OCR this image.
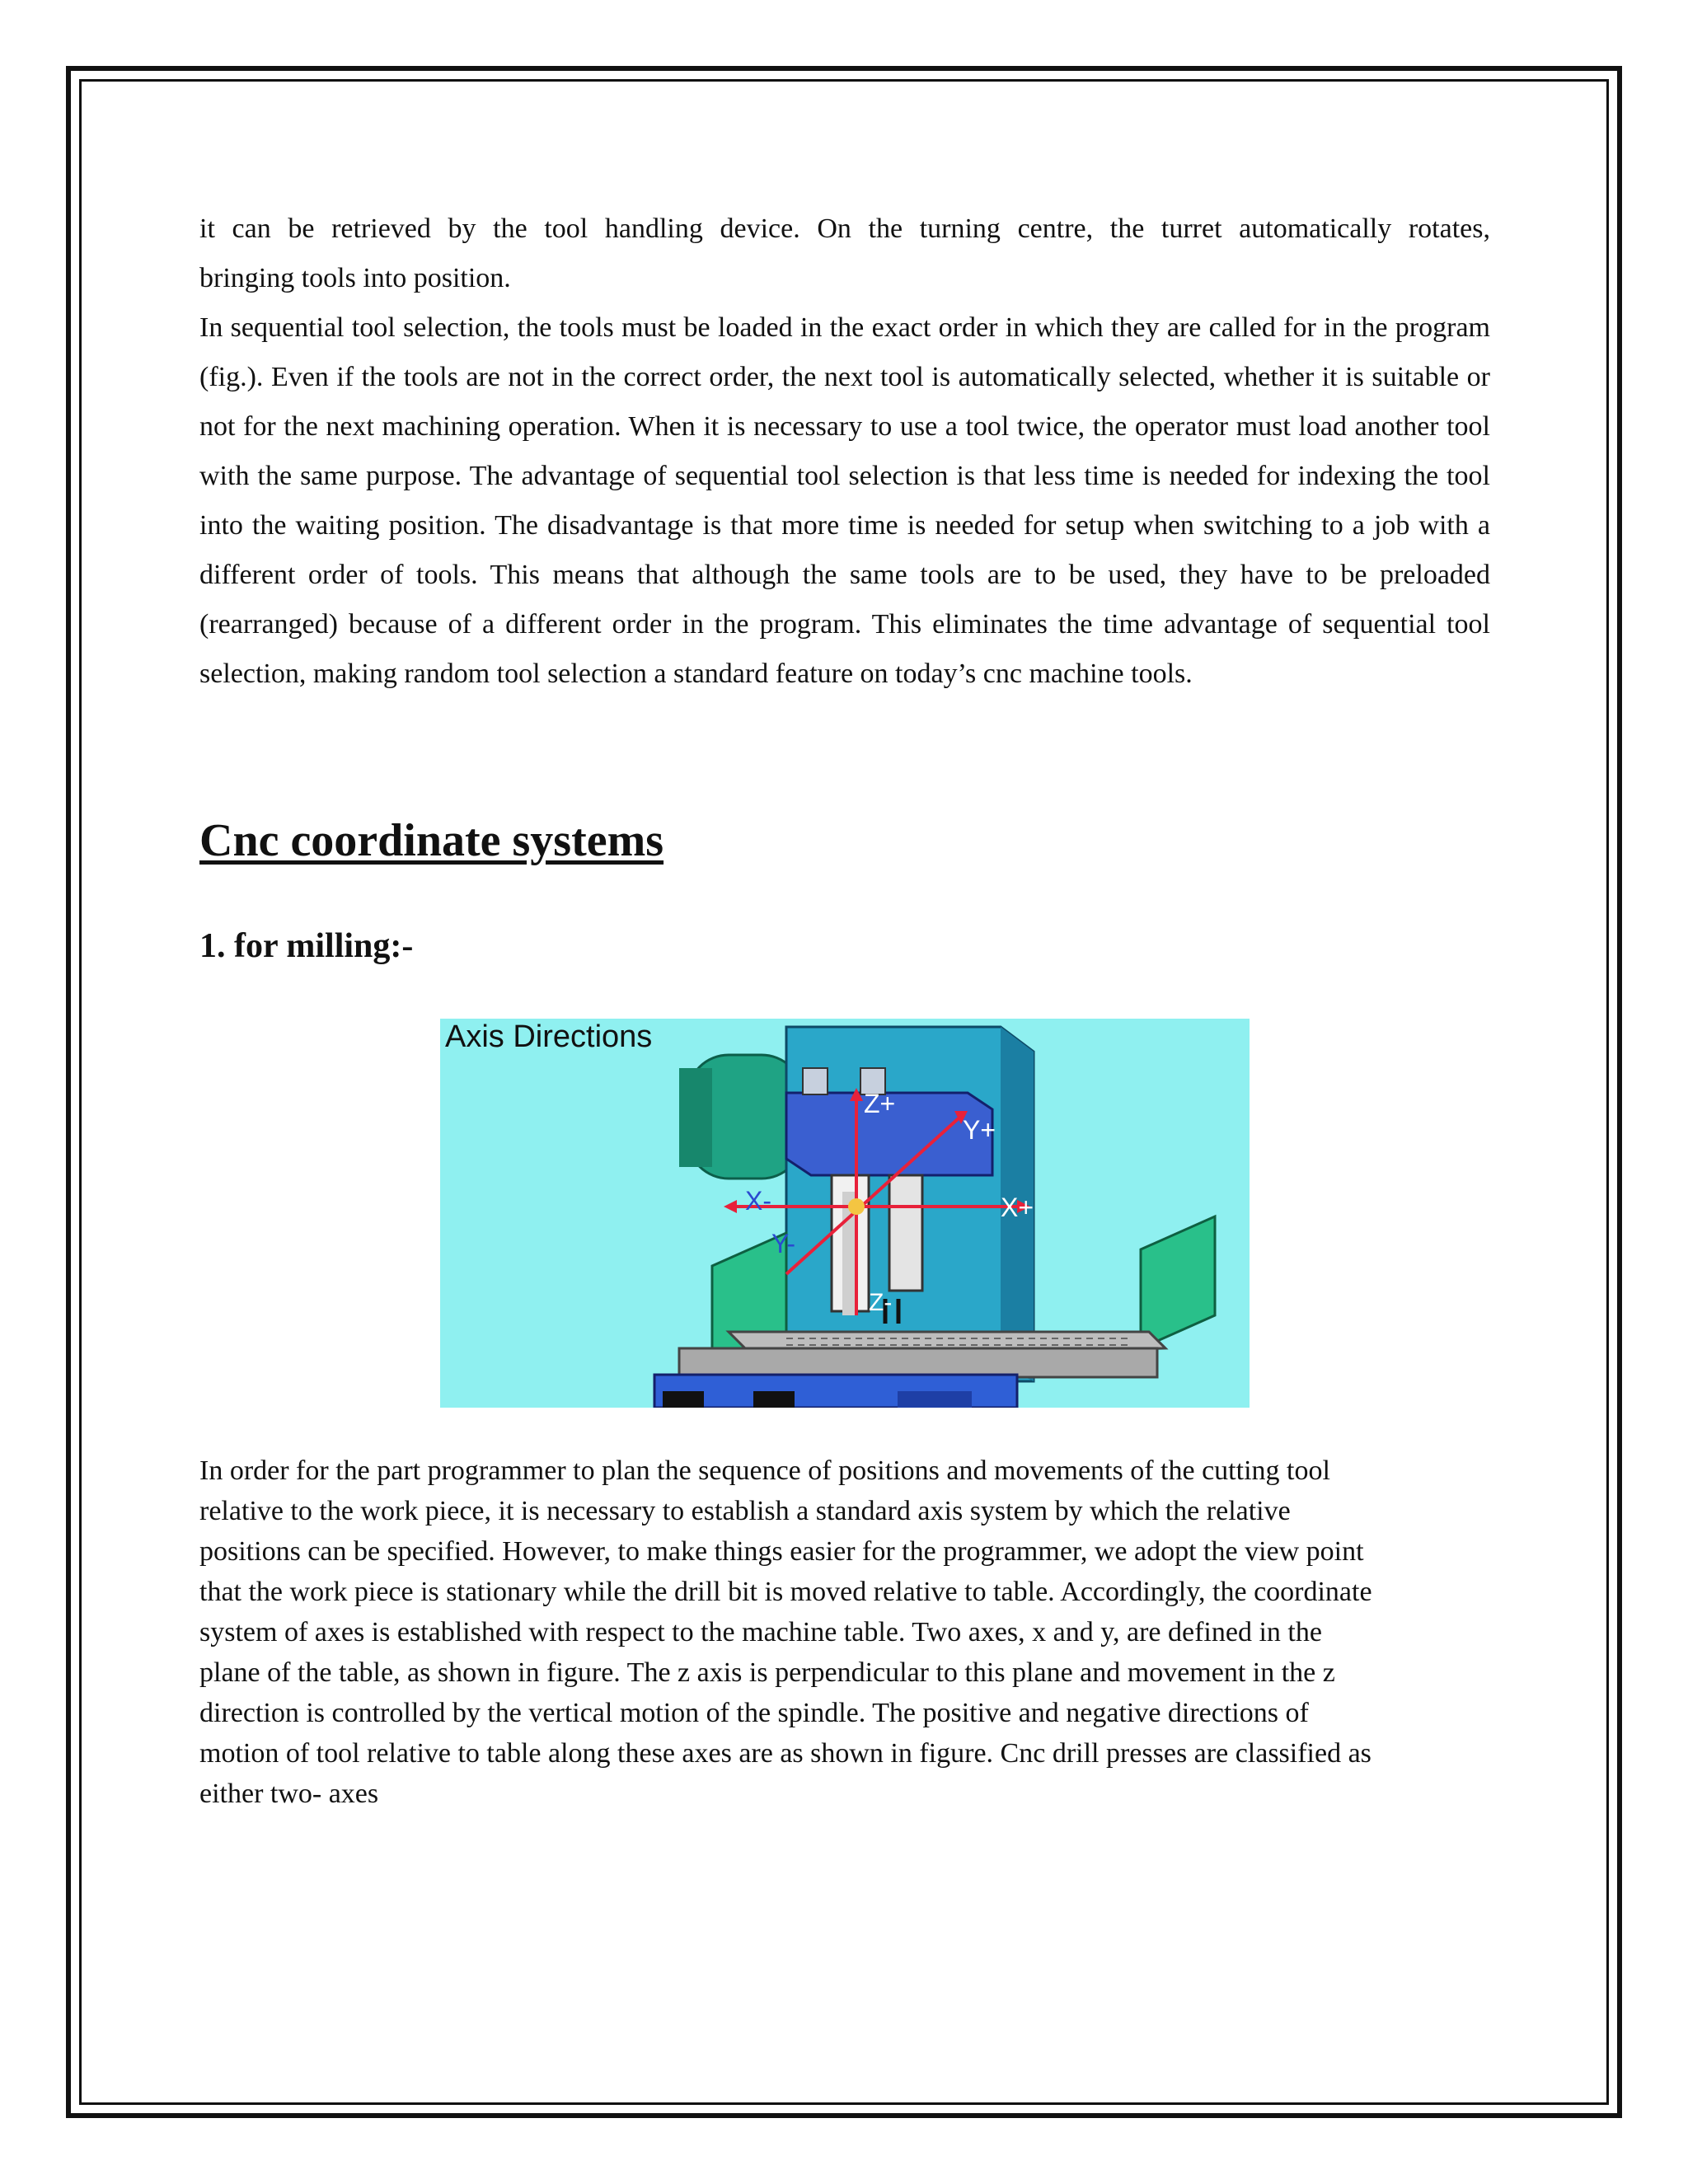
it can be retrieved by the tool handling device. On the turning centre, the turret automatically rotates,

bringing tools into position.

In sequential tool selection, the tools must be loaded in the exact order in which they are called for in the program (fig.). Even if the tools are not in the correct order, the next tool is automatically selected, whether it is suitable or not for the next machining operation. When it is necessary to use a tool twice, the operator must load another tool with the same purpose. The advantage of sequential tool selection is that less time is needed for indexing the tool into the waiting position. The disadvantage is that more time is needed for setup when switching to a job with a different order of tools. This means that although the same tools are to be used, they have to be preloaded (rearranged) because of a different order in the program. This eliminates the time advantage of sequential tool selection, making random tool selection a standard feature on today’s cnc machine tools.

Cnc coordinate systems
1. for milling:-
Axis Directions
Z+
Y+
X-	X+
Y-
Z-
In order for the part programmer to plan the sequence of positions and movements of the cutting tool
relative to the work piece, it is necessary to establish a standard axis system by which the relative
positions can be specified. However, to make things easier for the programmer, we adopt the view point
that the work piece is stationary while the drill bit is moved relative to table. Accordingly, the coordinate
system of axes is established with respect to the machine table. Two axes, x and y, are defined in the
plane of the table, as shown in figure. The z axis is perpendicular to this plane and movement in the z
direction is controlled by the vertical motion of the spindle. The positive and negative directions of
motion of tool relative to table along these axes are as shown in figure. Cnc drill presses are classified as
either two- axes
